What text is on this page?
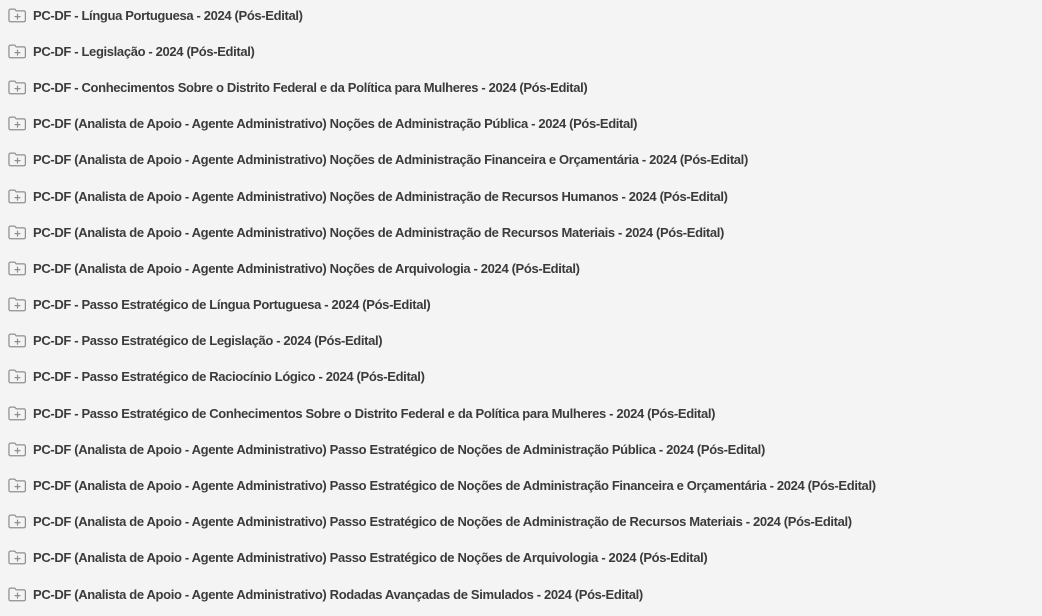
PC-DF - Língua Portuguesa - 2024 (Pós-Edital)
PC-DF - Legislação - 2024 (Pós-Edital)
PC-DF - Conhecimentos Sobre o Distrito Federal e da Política para Mulheres - 2024 (Pós-Edital)
PC-DF (Analista de Apoio - Agente Administrativo) Noções de Administração Pública - 2024 (Pós-Edital)
PC-DF (Analista de Apoio - Agente Administrativo) Noções de Administração Financeira e Orçamentária - 2024 (Pós-Edital)
PC-DF (Analista de Apoio - Agente Administrativo) Noções de Administração de Recursos Humanos - 2024 (Pós-Edital)
PC-DF (Analista de Apoio - Agente Administrativo) Noções de Administração de Recursos Materiais - 2024 (Pós-Edital)
PC-DF (Analista de Apoio - Agente Administrativo) Noções de Arquivologia - 2024 (Pós-Edital)
PC-DF - Passo Estratégico de Língua Portuguesa - 2024 (Pós-Edital)
PC-DF - Passo Estratégico de Legislação - 2024 (Pós-Edital)
PC-DF - Passo Estratégico de Raciocínio Lógico - 2024 (Pós-Edital)
PC-DF - Passo Estratégico de Conhecimentos Sobre o Distrito Federal e da Política para Mulheres - 2024 (Pós-Edital)
PC-DF (Analista de Apoio - Agente Administrativo) Passo Estratégico de Noções de Administração Pública - 2024 (Pós-Edital)
PC-DF (Analista de Apoio - Agente Administrativo) Passo Estratégico de Noções de Administração Financeira e Orçamentária - 2024 (Pós-Edital)
PC-DF (Analista de Apoio - Agente Administrativo) Passo Estratégico de Noções de Administração de Recursos Materiais - 2024 (Pós-Edital)
PC-DF (Analista de Apoio - Agente Administrativo) Passo Estratégico de Noções de Arquivologia - 2024 (Pós-Edital)
PC-DF (Analista de Apoio - Agente Administrativo) Rodadas Avançadas de Simulados - 2024 (Pós-Edital)
